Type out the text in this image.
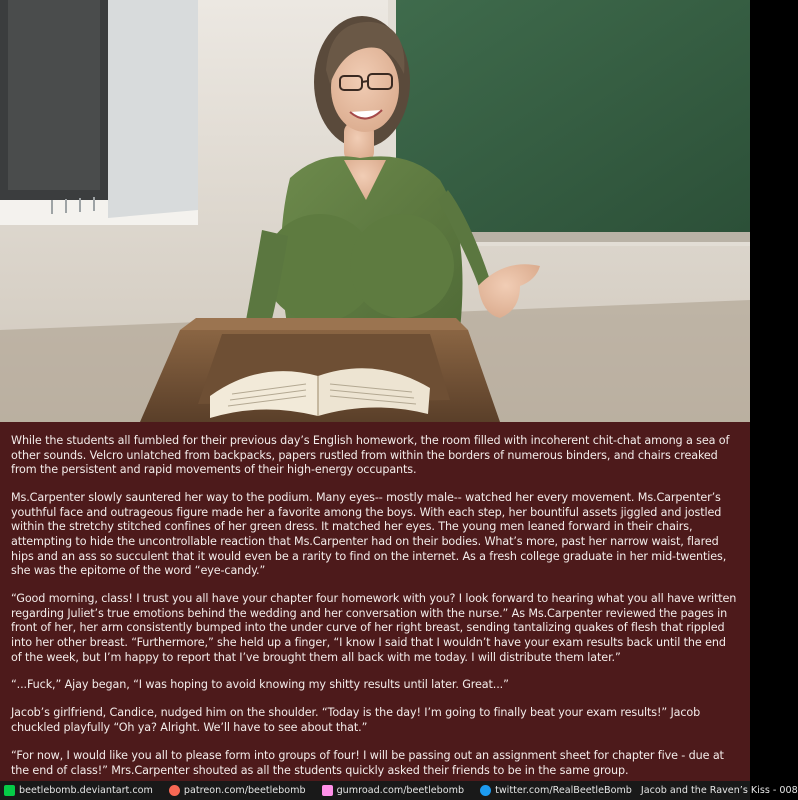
While the students all fumbled for their previous day’s English homework, the room filled with incoherent chit-chat among a sea of other sounds. Velcro unlatched from backpacks, papers rustled from within the borders of numerous binders, and chairs creaked from the persistent and rapid movements of their high-energy occupants.

Ms.Carpenter slowly sauntered her way to the podium. Many eyes-- mostly male-- watched her every movement. Ms.Carpenter’s youthful face and outrageous figure made her a favorite among the boys. With each step, her bountiful assets jiggled and jostled within the stretchy stitched confines of her green dress. It matched her eyes. The young men leaned forward in their chairs, attempting to hide the uncontrollable reaction that Ms.Carpenter had on their bodies. What’s more, past her narrow waist, flared hips and an ass so succulent that it would even be a rarity to find on the internet. As a fresh college graduate in her mid-twenties, she was the epitome of the word “eye-candy.”

“Good morning, class! I trust you all have your chapter four homework with you? I look forward to hearing what you all have written regarding Juliet’s true emotions behind the wedding and her conversation with the nurse.” As Ms.Carpenter reviewed the pages in front of her, her arm consistently bumped into the under curve of her right breast, sending tantalizing quakes of flesh that rippled into her other breast. “Furthermore,” she held up a finger, “I know I said that I wouldn’t have your exam results back until the end of the week, but I’m happy to report that I’ve brought them all back with me today. I will distribute them later.”

“...Fuck,” Ajay began, “I was hoping to avoid knowing my shitty results until later. Great...”

Jacob’s girlfriend, Candice, nudged him on the shoulder. “Today is the day! I’m going to finally beat your exam results!” Jacob chuckled playfully “Oh ya? Alright. We’ll have to see about that.”

“For now, I would like you all to please form into groups of four! I will be passing out an assignment sheet for chapter five - due at the end of class!” Mrs.Carpenter shouted as all the students quickly asked their friends to be in the same group.

beetlebomb.deviantart.com	patreon.com/beetlebomb	gumroad.com/beetlebomb	twitter.com/RealBeetleBomb Jacob and the Raven’s Kiss - 008
